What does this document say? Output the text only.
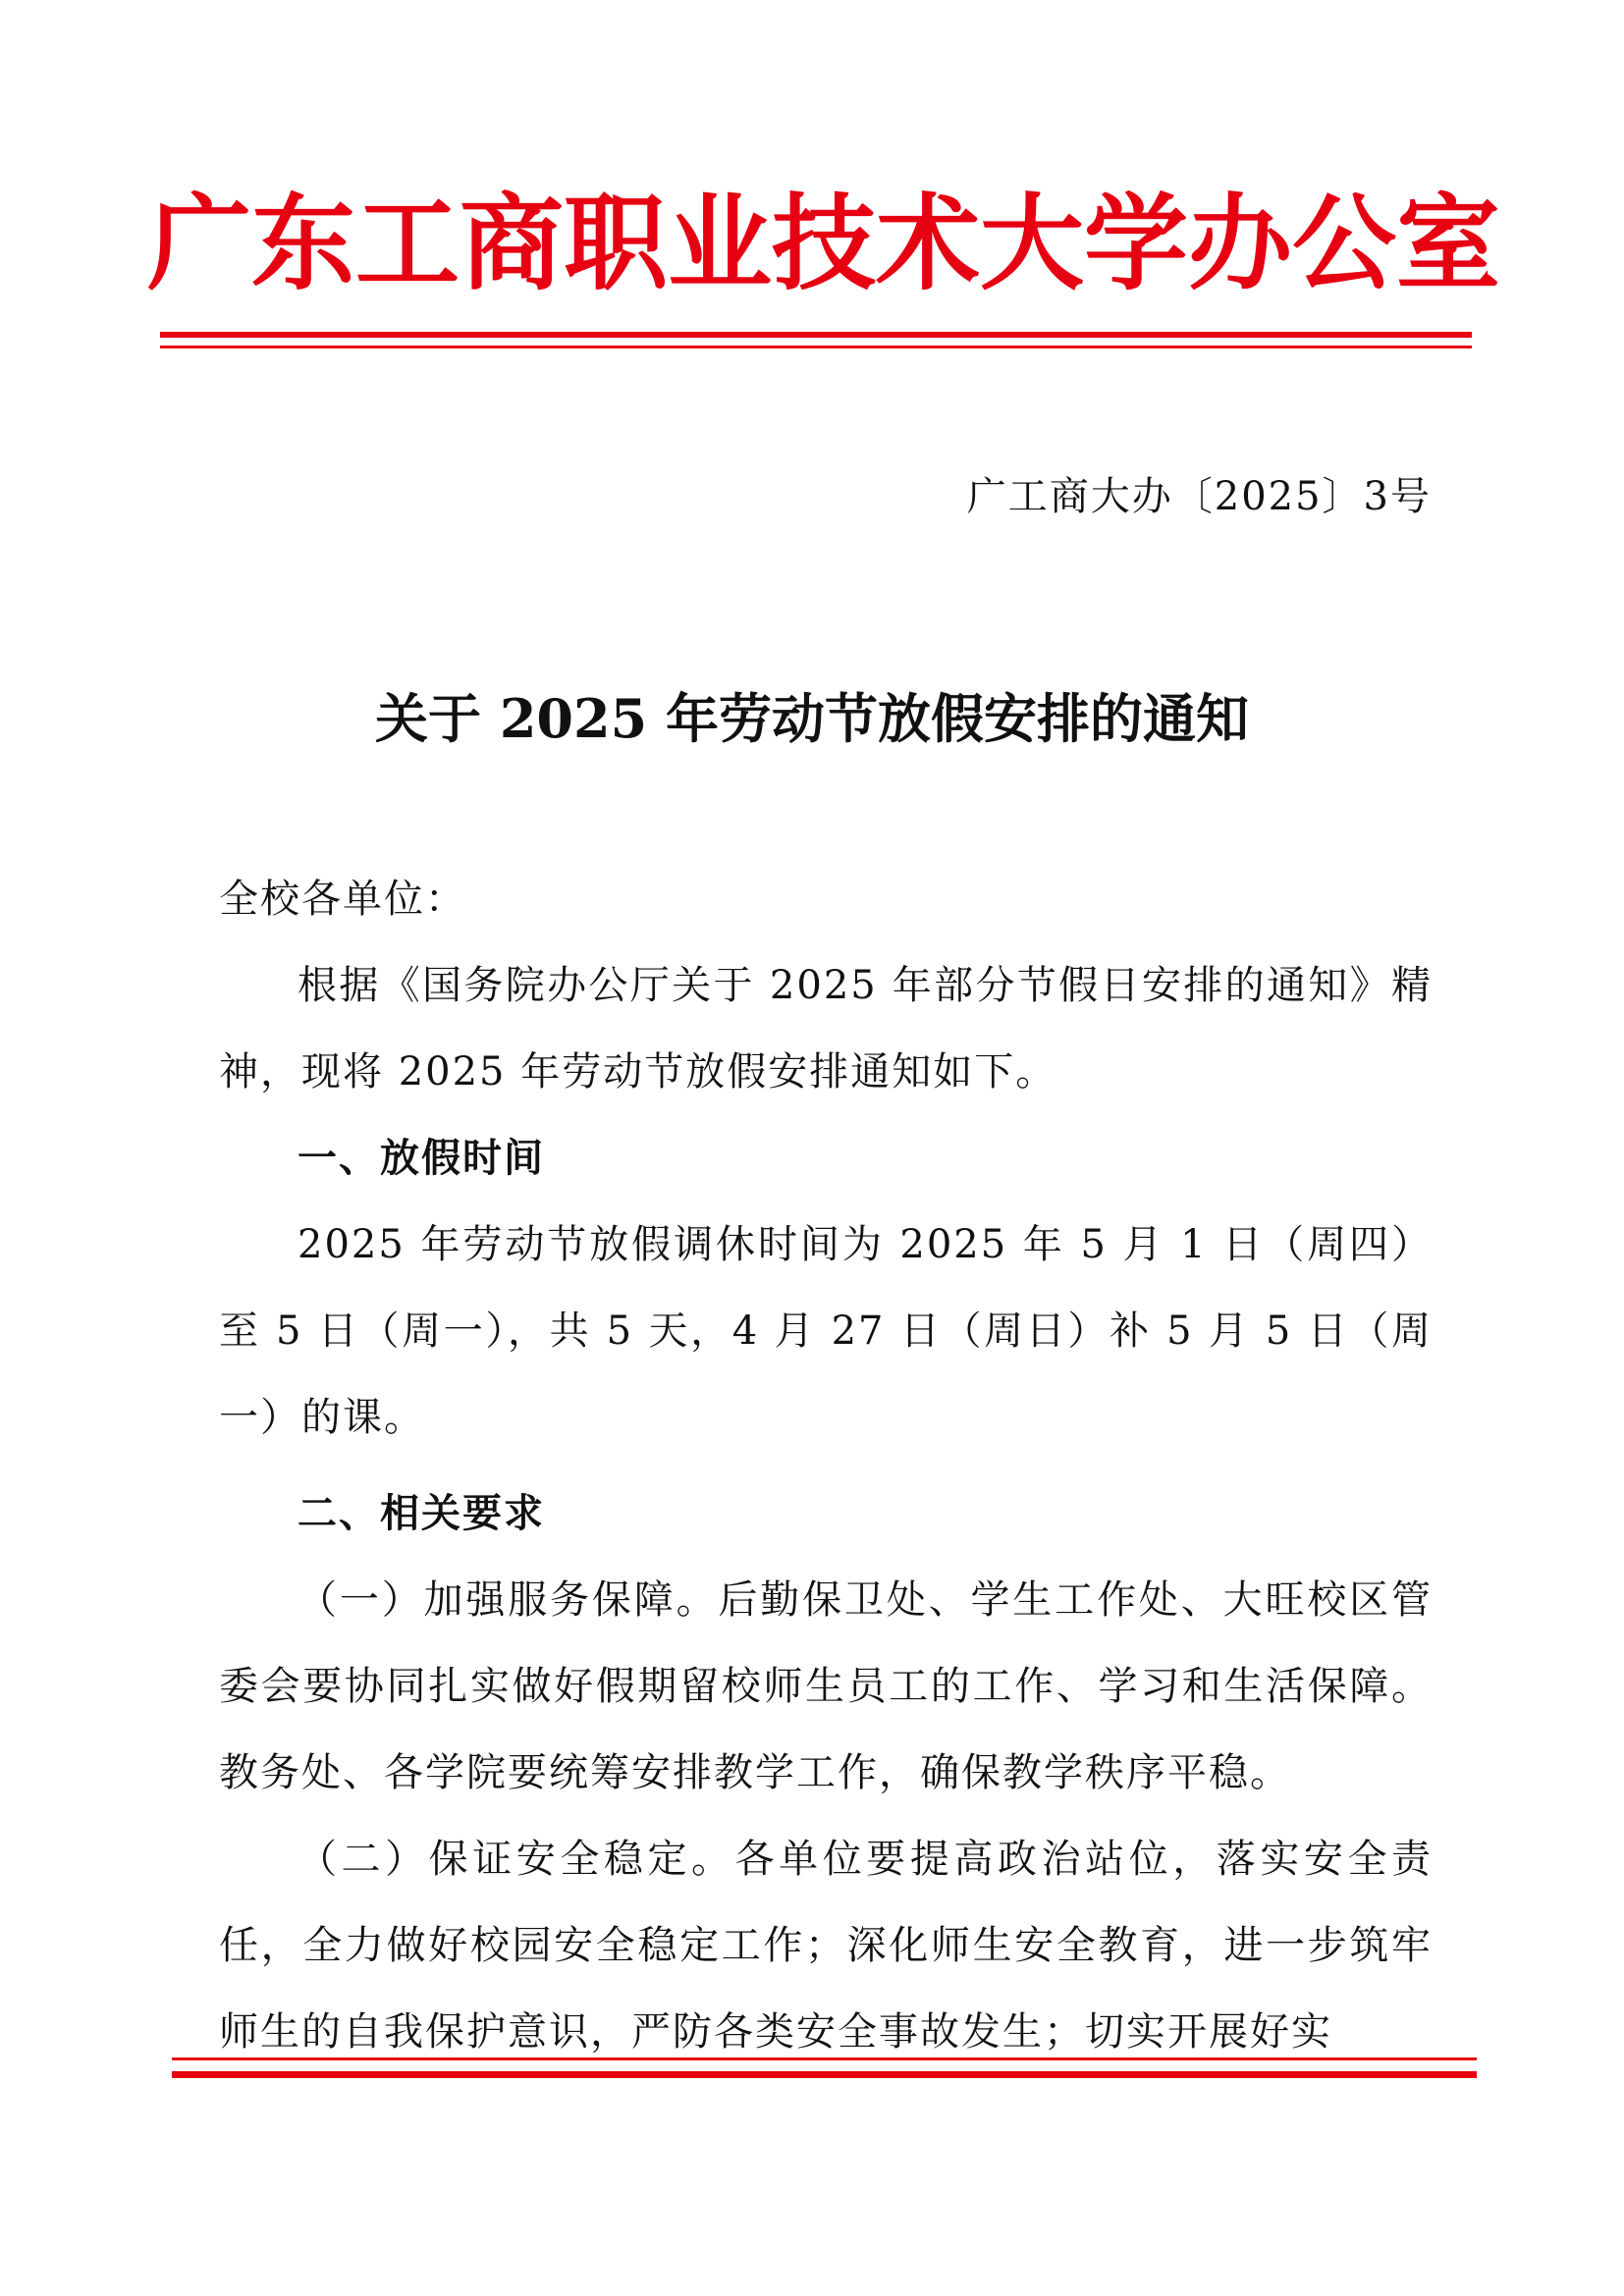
广东工商职业技术大学办公室
广工商大办〔2025〕3号
关于 2025 年劳动节放假安排的通知

全校各单位：

根据《国务院办公厅关于 2025 年部分节假日安排的通知》精神，现将 2025 年劳动节放假安排通知如下。

一、放假时间

2025 年劳动节放假调休时间为 2025 年 5 月 1 日（周四）至 5 日（周一），共 5 天，4 月 27 日（周日）补 5 月 5 日（周一）的课。

二、相关要求

（一）加强服务保障。后勤保卫处、学生工作处、大旺校区管委会要协同扎实做好假期留校师生员工的工作、学习和生活保障。教务处、各学院要统筹安排教学工作，确保教学秩序平稳。

（二）保证安全稳定。各单位要提高政治站位，落实安全责任，全力做好校园安全稳定工作；深化师生安全教育，进一步筑牢师生的自我保护意识，严防各类安全事故发生；切实开展好实
